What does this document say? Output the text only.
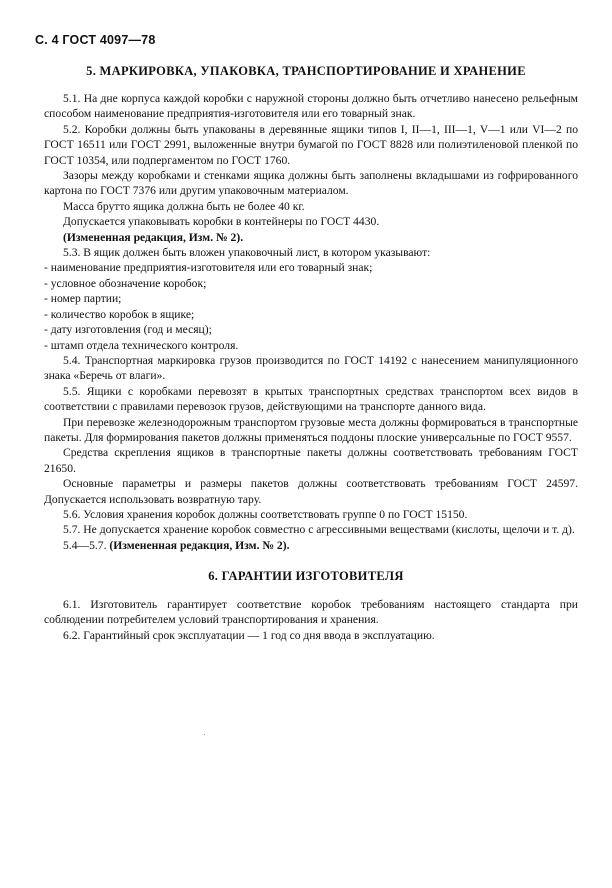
С. 4 ГОСТ 4097—78
5. МАРКИРОВКА, УПАКОВКА, ТРАНСПОРТИРОВАНИЕ И ХРАНЕНИЕ

5.1. На дне корпуса каждой коробки с наружной стороны должно быть отчетливо нанесено рельефным способом наименование предприятия-изготовителя или его товарный знак.

5.2. Коробки должны быть упакованы в деревянные ящики типов I, II—1, III—1, V—1 или VI—2 по ГОСТ 16511 или ГОСТ 2991, выложенные внутри бумагой по ГОСТ 8828 или полиэтиленовой пленкой по ГОСТ 10354, или подпергаментом по ГОСТ 1760.

Зазоры между коробками и стенками ящика должны быть заполнены вкладышами из гофрированного картона по ГОСТ 7376 или другим упаковочным материалом.

Масса брутто ящика должна быть не более 40 кг.

Допускается упаковывать коробки в контейнеры по ГОСТ 4430.

(Измененная редакция, Изм. № 2).

5.3. В ящик должен быть вложен упаковочный лист, в котором указывают:

- наименование предприятия-изготовителя или его товарный знак;

- условное обозначение коробок;

- номер партии;

- количество коробок в ящике;

- дату изготовления (год и месяц);

- штамп отдела технического контроля.

5.4. Транспортная маркировка грузов производится по ГОСТ 14192 с нанесением манипуляционного знака «Беречь от влаги».

5.5. Ящики с коробками перевозят в крытых транспортных средствах транспортом всех видов в соответствии с правилами перевозок грузов, действующими на транспорте данного вида.

При перевозке железнодорожным транспортом грузовые места должны формироваться в транспортные пакеты. Для формирования пакетов должны применяться поддоны плоские универсальные по ГОСТ 9557.

Средства скрепления ящиков в транспортные пакеты должны соответствовать требованиям ГОСТ 21650.

Основные параметры и размеры пакетов должны соответствовать требованиям ГОСТ 24597. Допускается использовать возвратную тару.

5.6. Условия хранения коробок должны соответствовать группе 0 по ГОСТ 15150.

5.7. Не допускается хранение коробок совместно с агрессивными веществами (кислоты, щелочи и т. д).

5.4—5.7. (Измененная редакция, Изм. № 2).

6. ГАРАНТИИ ИЗГОТОВИТЕЛЯ

6.1. Изготовитель гарантирует соответствие коробок требованиям настоящего стандарта при соблюдении потребителем условий транспортирования и хранения.

6.2. Гарантийный срок эксплуатации — 1 год со дня ввода в эксплуатацию.
